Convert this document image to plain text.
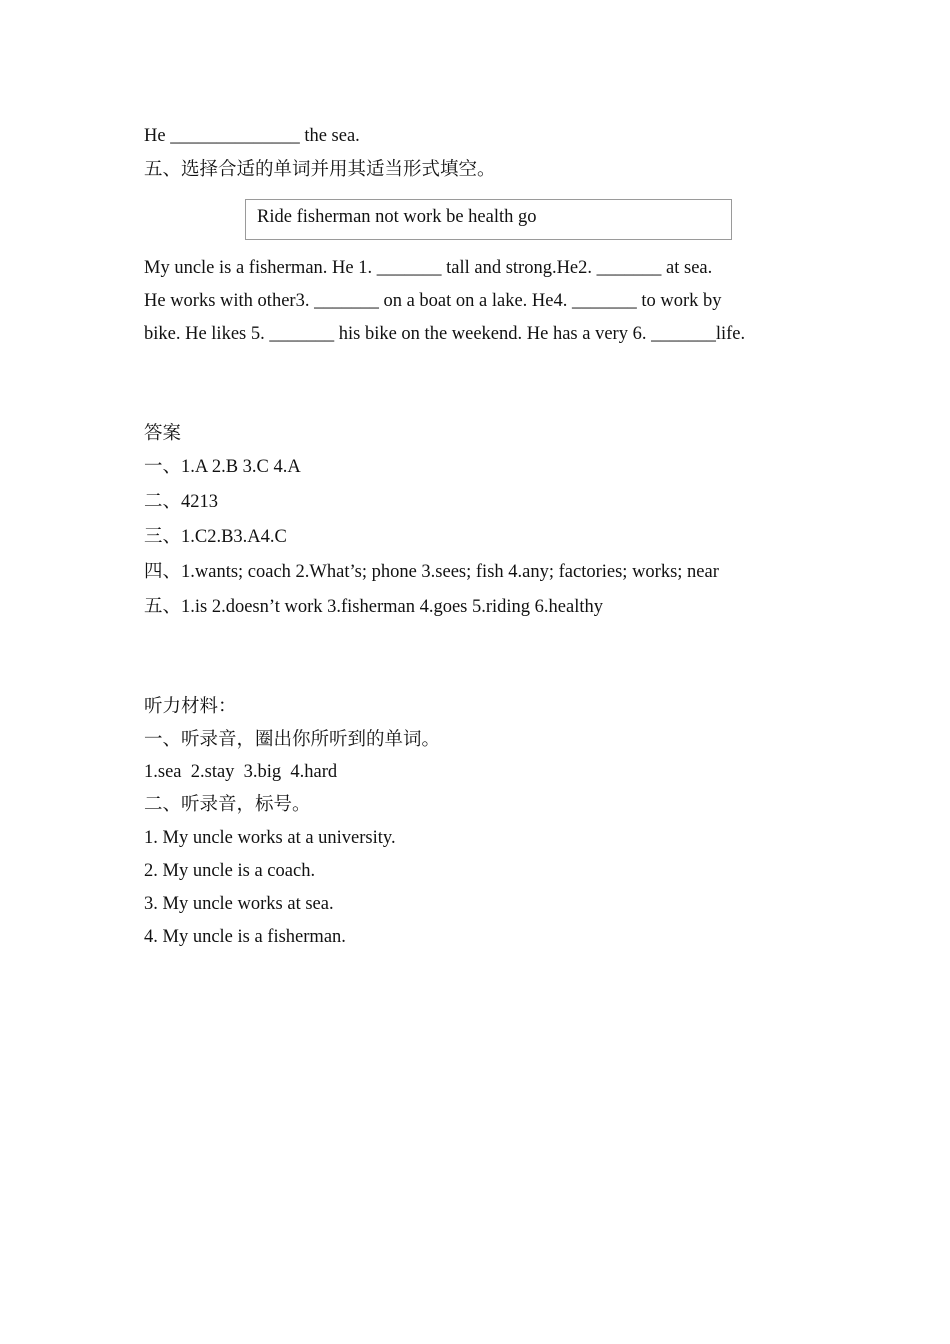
He ______________ the sea.
五、选择合适的单词并用其适当形式填空。
Ride fisherman not work be health go
My uncle is a fisherman. He 1. _______ tall and strong.He2. _______ at sea.
He works with other3. _______ on a boat on a lake. He4. _______ to work by
bike. He likes 5. _______ his bike on the weekend. He has a very 6. _______life.
答案
一、1.A 2.B 3.C 4.A
二、4213
三、1.C2.B3.A4.C
四、1.wants; coach 2.What’s; phone 3.sees; fish 4.any; factories; works; near
五、1.is 2.doesn’t work 3.fisherman 4.goes 5.riding 6.healthy
听力材料：
一、听录音，圈出你所听到的单词。
1.sea  2.stay  3.big  4.hard
二、听录音，标号。
1. My uncle works at a university.
2. My uncle is a coach.
3. My uncle works at sea.
4. My uncle is a fisherman.
